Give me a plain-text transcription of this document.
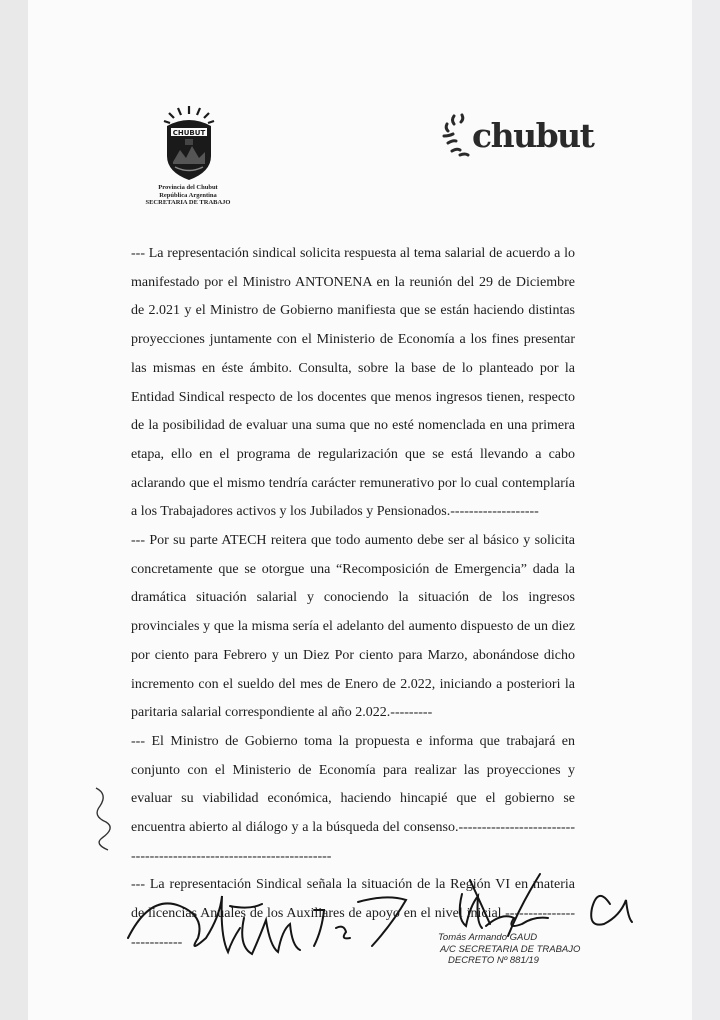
CHUBUT
Provincia del Chubut
República Argentina
SECRETARIA DE TRABAJO
chubut

--- La representación sindical solicita respuesta al tema salarial de acuerdo a lo manifestado por el Ministro ANTONENA en la reunión del 29 de Diciembre de 2.021 y el Ministro de Gobierno manifiesta que se están haciendo distintas proyecciones juntamente con el Ministerio de Economía a los fines presentar las mismas en éste ámbito. Consulta, sobre la base de lo planteado por la Entidad Sindical respecto de los docentes que menos ingresos tienen, respecto de la posibilidad de evaluar una suma que no esté nomenclada en una primera etapa, ello en el programa de regularización que se está llevando a cabo aclarando que el mismo tendría carácter remunerativo por lo cual contemplaría a los Trabajadores activos y los Jubilados y Pensionados.-------------------

--- Por su parte ATECH reitera que todo aumento debe ser al básico y solicita concretamente que se otorgue una “Recomposición de Emergencia” dada la dramática situación salarial y conociendo la situación de los ingresos provinciales y que la misma sería el adelanto del aumento dispuesto de un diez por ciento para Febrero y un Diez Por ciento para Marzo, abonándose dicho incremento con el sueldo del mes de Enero de 2.022, iniciando a posteriori la paritaria salarial correspondiente al año 2.022.---------

--- El Ministro de Gobierno toma la propuesta e informa que trabajará en conjunto con el Ministerio de Economía para realizar las proyecciones y evaluar su viabilidad económica, haciendo hincapié que el gobierno se encuentra abierto al diálogo y a la búsqueda del consenso.--------------------------------------------------------------------

--- La representación Sindical señala la situación de la Región VI en materia de licencias Anuales de los Auxiliares de apoyo en el nivel inicial.--------------------------	Tomás Armando GAUD
A/C SECRETARIA DE TRABAJO
DECRETO Nº 881/19
